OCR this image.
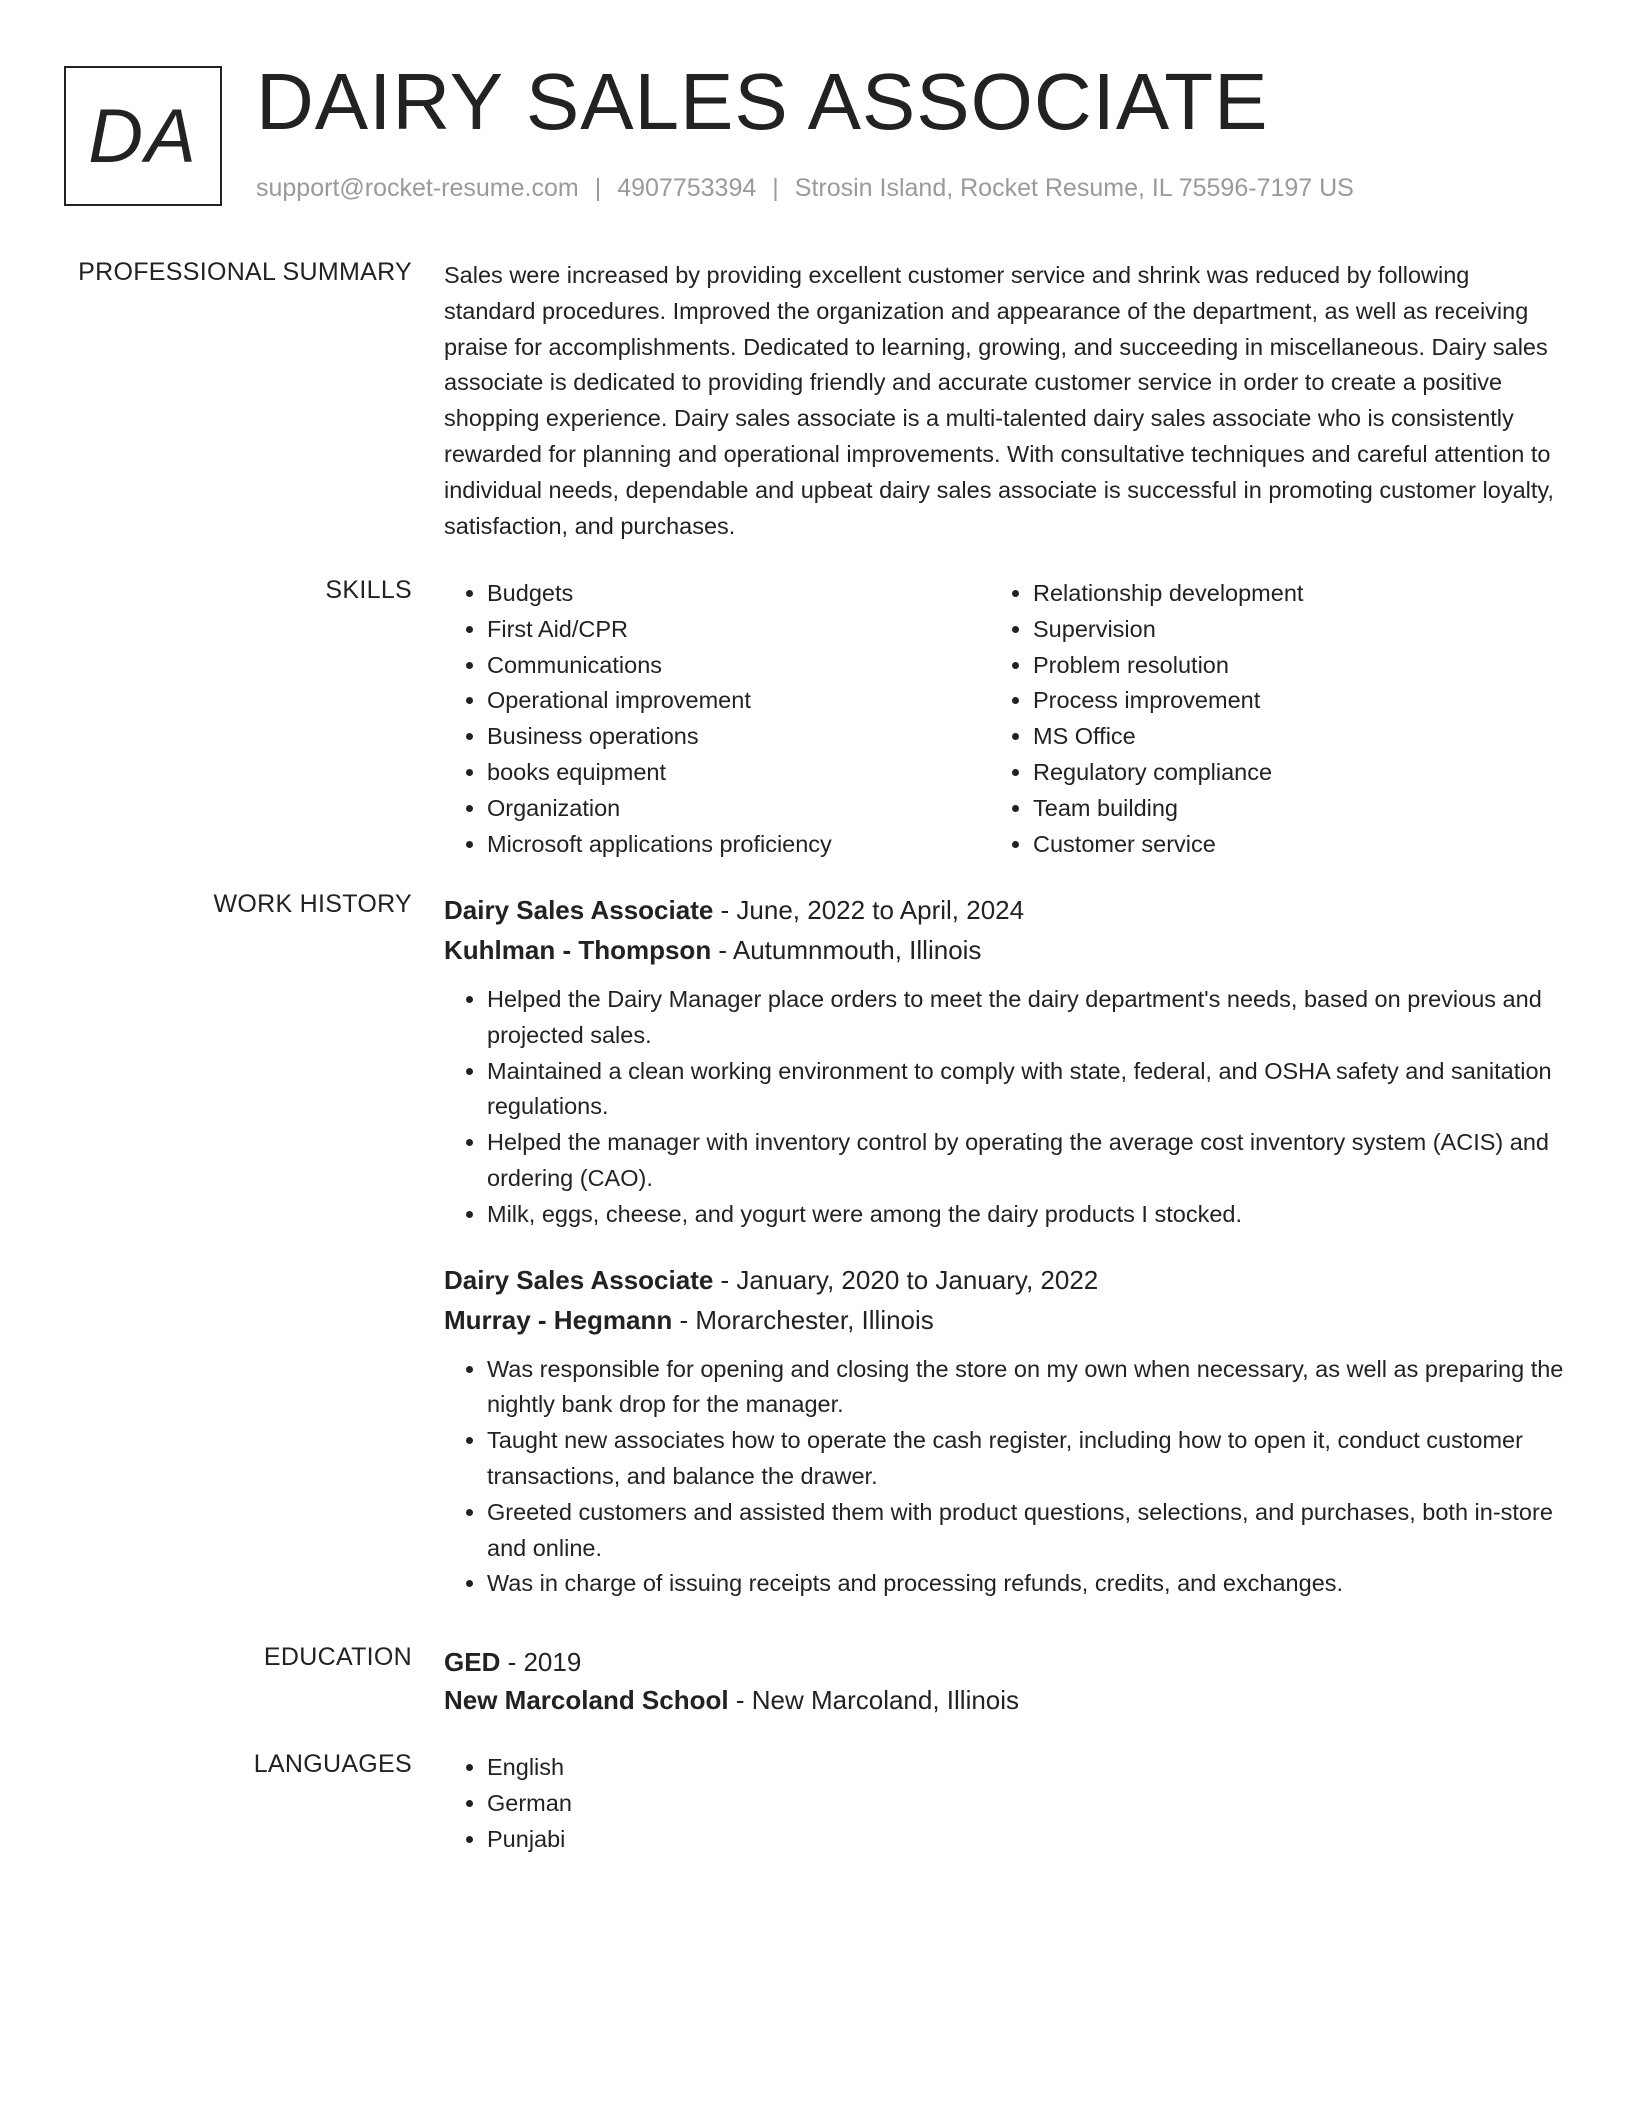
DA DAIRY SALES ASSOCIATE
support@rocket-resume.com | 4907753394 | Strosin Island, Rocket Resume, IL 75596-7197 US
PROFESSIONAL SUMMARY Sales were increased by providing excellent customer service and shrink was reduced by following standard procedures. Improved the organization and appearance of the department, as well as receiving praise for accomplishments. Dedicated to learning, growing, and succeeding in miscellaneous. Dairy sales associate is dedicated to providing friendly and accurate customer service in order to create a positive shopping experience. Dairy sales associate is a multi-talented dairy sales associate who is consistently rewarded for planning and operational improvements. With consultative techniques and careful attention to individual needs, dependable and upbeat dairy sales associate is successful in promoting customer loyalty, satisfaction, and purchases.

SKILLS	• Budgets
• First Aid/CPR
• Communications
• Operational improvement
• Business operations
• books equipment
• Organization
• Microsoft applications proficiency
• Relationship development
• Supervision
• Problem resolution
• Process improvement
• MS Office
• Regulatory compliance
• Team building
• Customer service
WORK HISTORY Dairy Sales Associate - June, 2022 to April, 2024
Kuhlman - Thompson - Autumnmouth, Illinois
• Helped the Dairy Manager place orders to meet the dairy department's needs, based on previous and projected sales.
• Maintained a clean working environment to comply with state, federal, and OSHA safety and sanitation regulations.
• Helped the manager with inventory control by operating the average cost inventory system (ACIS) and ordering (CAO).
• Milk, eggs, cheese, and yogurt were among the dairy products I stocked.
Dairy Sales Associate - January, 2020 to January, 2022
Murray - Hegmann - Morarchester, Illinois
• Was responsible for opening and closing the store on my own when necessary, as well as preparing the nightly bank drop for the manager.
• Taught new associates how to operate the cash register, including how to open it, conduct customer transactions, and balance the drawer.
• Greeted customers and assisted them with product questions, selections, and purchases, both in-store and online.
• Was in charge of issuing receipts and processing refunds, credits, and exchanges.
EDUCATION GED - 2019
New Marcoland School - New Marcoland, Illinois
LANGUAGES	• English
• German
• Punjabi
